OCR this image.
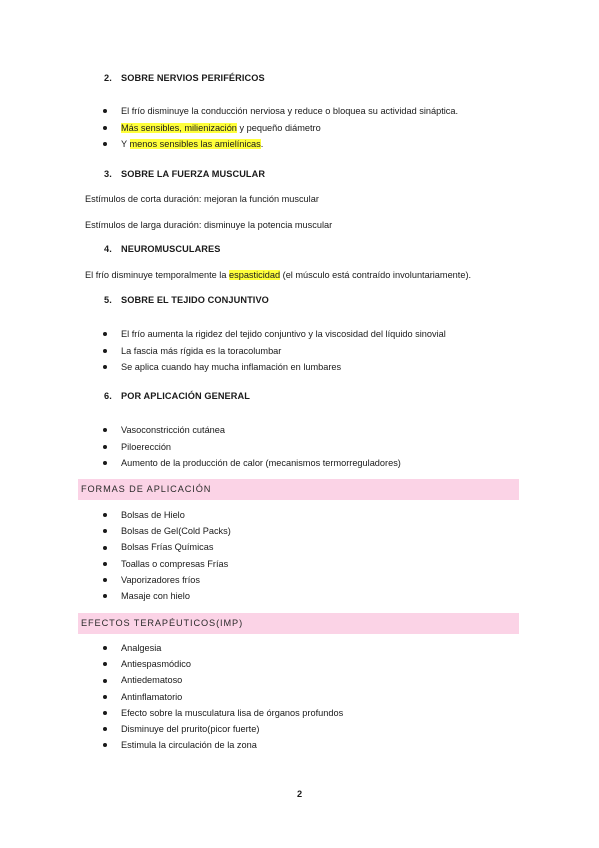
2. SOBRE NERVIOS PERIFÉRICOS
El frío disminuye la conducción nerviosa y reduce o bloquea su actividad sináptica.
Más sensibles, milienización y pequeño diámetro
Y menos sensibles las amielínicas.
3. SOBRE LA FUERZA MUSCULAR
Estímulos de corta duración: mejoran la función muscular
Estímulos de larga duración: disminuye la potencia muscular
4. NEUROMUSCULARES
El frío disminuye temporalmente la espasticidad (el músculo está contraído involuntariamente).
5. SOBRE EL TEJIDO CONJUNTIVO
El frío aumenta la rigidez del tejido conjuntivo y la viscosidad del líquido sinovial
La fascia más rígida es la toracolumbar
Se aplica cuando hay mucha inflamación en lumbares
6. POR APLICACIÓN GENERAL
Vasoconstricción cutánea
Piloerección
Aumento de la producción de calor (mecanismos termorreguladores)
FORMAS DE APLICACIÓN
Bolsas de Hielo
Bolsas de Gel(Cold Packs)
Bolsas Frías Químicas
Toallas o compresas Frías
Vaporizadores fríos
Masaje con hielo
EFECTOS TERAPÉUTICOS(IMP)
Analgesia
Antiespasmódico
Antiedematoso
Antinflamatorio
Efecto sobre la musculatura lisa de órganos profundos
Disminuye del prurito(picor fuerte)
Estimula la circulación de la zona
2
